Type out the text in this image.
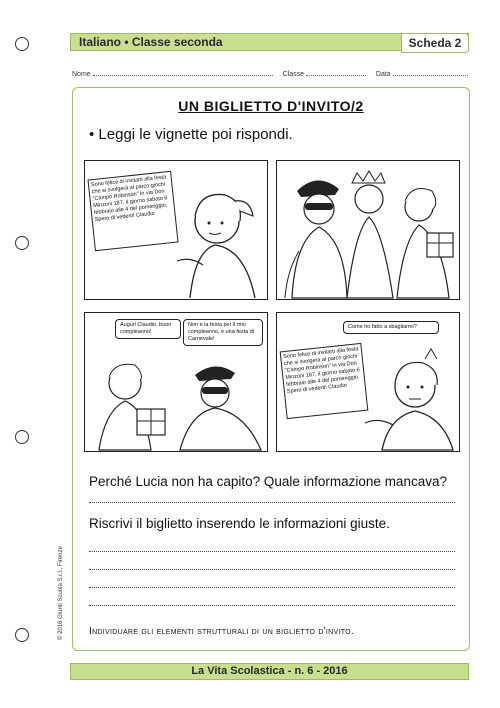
Italiano • Classe seconda	Scheda 2
Nome	Classe	Data
UN BIGLIETTO D'INVITO/2
• Leggi le vignette poi rispondi.
Sono felice di invitarti alla festa che si svolgerà al parco giochi "Campo Robinson" in via Don Minzoni 187, il giorno sabato 6 febbraio alle 4 del pomeriggio. Spero di vederti! Claudio
Auguri Claudio, buon compleanno!
Non è la festa per il mio compleanno, è una festa di Carnevale!
Come ho fatto a sbagliarmi?
Sono felice di invitarti alla festa che si svolgerà al parco giochi "Campo Robinson" in via Don Minzoni 187, il giorno sabato 6 febbraio alle 4 del pomeriggio. Spero di vederti! Claudio
Perché Lucia non ha capito? Quale informazione mancava?
Riscrivi il biglietto inserendo le informazioni giuste.
Individuare gli elementi strutturali di un biglietto d'invito.
© 2016 Giunti Scuola S.r.l., Firenze
La Vita Scolastica - n. 6 - 2016
